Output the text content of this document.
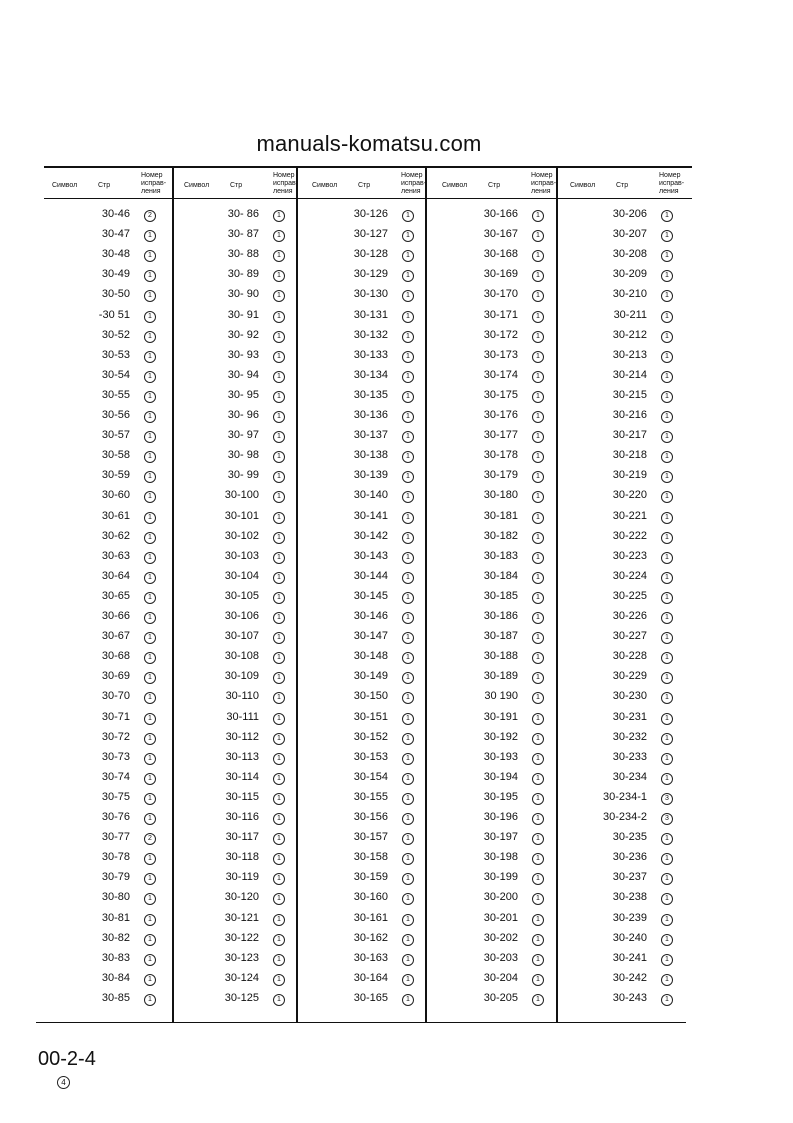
manuals-komatsu.com
Символ	Стр
Номер
исправ-
ления
Символ	Стр
Номер
исправ-
ления
Символ	Стр
Номер
исправ-
ления
Символ	Стр
Номер
исправ-
ления
Символ	Стр
Номер
исправ-
ления
30-46	2
30-47	1
30-48	1
30-49	1
30-50	1
-30 51	1
30-52	1
30-53	1
30-54	1
30-55	1
30-56	1
30-57	1
30-58	1
30-59	1
30-60	1
30-61	1
30-62	1
30-63	1
30-64	1
30-65	1
30-66	1
30-67	1
30-68	1
30-69	1
30-70	1
30-71	1
30-72	1
30-73	1
30-74	1
30-75	1
30-76	1
30-77	2
30-78	1
30-79	1
30-80	1
30-81	1
30-82	1
30-83	1
30-84	1
30-85	1
30- 86	1
30- 87	1
30- 88	1
30- 89	1
30- 90	1
30- 91	1
30- 92	1
30- 93	1
30- 94	1
30- 95	1
30- 96	1
30- 97	1
30- 98	1
30- 99	1
30-100	1
30-101	1
30-102	1
30-103	1
30-104	1
30-105	1
30-106	1
30-107	1
30-108	1
30-109	1
30-110	1
30-111	1
30-112	1
30-113	1
30-114	1
30-115	1
30-116	1
30-117	1
30-118	1
30-119	1
30-120	1
30-121	1
30-122	1
30-123	1
30-124	1
30-125	1
30-126	1
30-127	1
30-128	1
30-129	1
30-130	1
30-131	1
30-132	1
30-133	1
30-134	1
30-135	1
30-136	1
30-137	1
30-138	1
30-139	1
30-140	1
30-141	1
30-142	1
30-143	1
30-144	1
30-145	1
30-146	1
30-147	1
30-148	1
30-149	1
30-150	1
30-151	1
30-152	1
30-153	1
30-154	1
30-155	1
30-156	1
30-157	1
30-158	1
30-159	1
30-160	1
30-161	1
30-162	1
30-163	1
30-164	1
30-165	1
30-166	1
30-167	1
30-168	1
30-169	1
30-170	1
30-171	1
30-172	1
30-173	1
30-174	1
30-175	1
30-176	1
30-177	1
30-178	1
30-179	1
30-180	1
30-181	1
30-182	1
30-183	1
30-184	1
30-185	1
30-186	1
30-187	1
30-188	1
30-189	1
30 190	1
30-191	1
30-192	1
30-193	1
30-194	1
30-195	1
30-196	1
30-197	1
30-198	1
30-199	1
30-200	1
30-201	1
30-202	1
30-203	1
30-204	1
30-205	1
30-206	1
30-207	1
30-208	1
30-209	1
30-210	1
30-211	1
30-212	1
30-213	1
30-214	1
30-215	1
30-216	1
30-217	1
30-218	1
30-219	1
30-220	1
30-221	1
30-222	1
30-223	1
30-224	1
30-225	1
30-226	1
30-227	1
30-228	1
30-229	1
30-230	1
30-231	1
30-232	1
30-233	1
30-234	1
30-234-1	3
30-234-2	3
30-235	1
30-236	1
30-237	1
30-238	1
30-239	1
30-240	1
30-241	1
30-242	1
30-243	1
00-2-4
4
